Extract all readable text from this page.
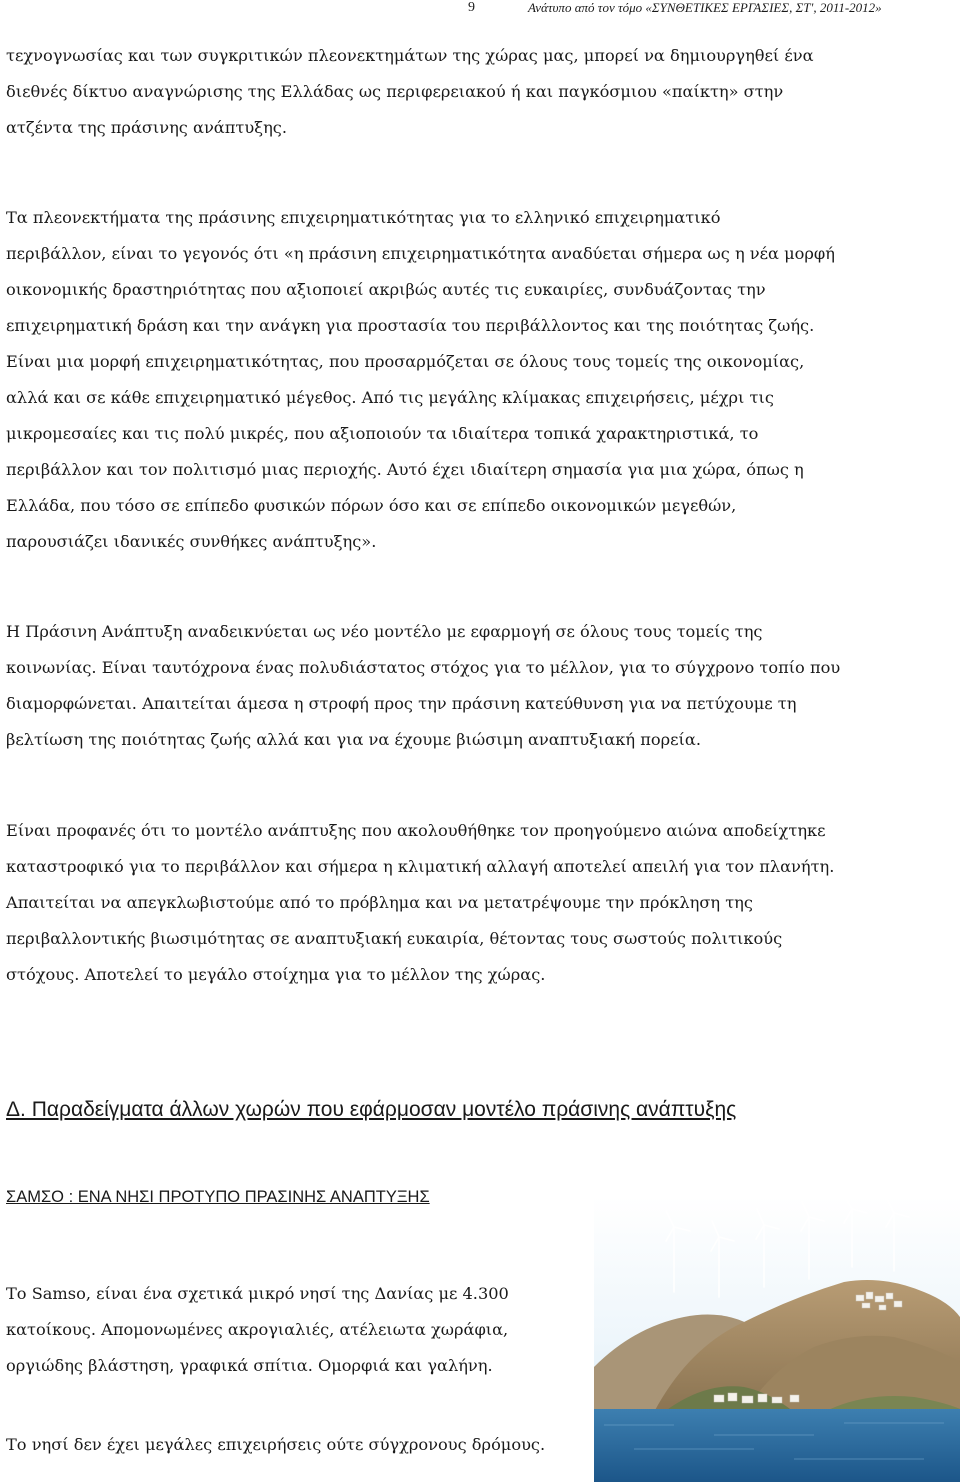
9	Ανάτυπο από τον τόμο «ΣΥΝΘΕΤΙΚΕΣ ΕΡΓΑΣΙΕΣ, ΣΤ', 2011-2012»

τεχνογνωσίας και των συγκριτικών πλεονεκτημάτων της χώρας μας, μπορεί να δημιουργηθεί ένα
διεθνές δίκτυο αναγνώρισης της Ελλάδας ως περιφερειακού ή και παγκόσμιου «παίκτη» στην
ατζέντα της πράσινης ανάπτυξης.

Τα πλεονεκτήματα της πράσινης επιχειρηματικότητας για το ελληνικό επιχειρηματικό
περιβάλλον, είναι το γεγονός ότι «η πράσινη επιχειρηματικότητα αναδύεται σήμερα ως η νέα μορφή
οικονομικής δραστηριότητας που αξιοποιεί ακριβώς αυτές τις ευκαιρίες, συνδυάζοντας την
επιχειρηματική δράση και την ανάγκη για προστασία του περιβάλλοντος και της ποιότητας ζωής.
Είναι μια μορφή επιχειρηματικότητας, που προσαρμόζεται σε όλους τους τομείς της οικονομίας,
αλλά και σε κάθε επιχειρηματικό μέγεθος. Από τις μεγάλης κλίμακας επιχειρήσεις, μέχρι τις
μικρομεσαίες και τις πολύ μικρές, που αξιοποιούν τα ιδιαίτερα τοπικά χαρακτηριστικά, το
περιβάλλον και τον πολιτισμό μιας περιοχής. Αυτό έχει ιδιαίτερη σημασία για μια χώρα, όπως η
Ελλάδα, που τόσο σε επίπεδο φυσικών πόρων όσο και σε επίπεδο οικονομικών μεγεθών,
παρουσιάζει ιδανικές συνθήκες ανάπτυξης».

Η Πράσινη Ανάπτυξη αναδεικνύεται ως νέο μοντέλο με εφαρμογή σε όλους τους τομείς της
κοινωνίας. Είναι ταυτόχρονα ένας πολυδιάστατος στόχος για το μέλλον, για το σύγχρονο τοπίο που
διαμορφώνεται. Απαιτείται άμεσα η στροφή προς την πράσινη κατεύθυνση για να πετύχουμε τη
βελτίωση της ποιότητας ζωής αλλά και για να έχουμε βιώσιμη αναπτυξιακή πορεία.

Είναι προφανές ότι το μοντέλο ανάπτυξης που ακολουθήθηκε τον προηγούμενο αιώνα αποδείχτηκε
καταστροφικό για το περιβάλλον και σήμερα η κλιματική αλλαγή αποτελεί απειλή για τον πλανήτη.
Απαιτείται να απεγκλωβιστούμε από το πρόβλημα και να μετατρέψουμε την πρόκληση της
περιβαλλοντικής βιωσιμότητας σε αναπτυξιακή ευκαιρία, θέτοντας τους σωστούς πολιτικούς
στόχους. Αποτελεί το μεγάλο στοίχημα για το μέλλον της χώρας.

Δ. Παραδείγματα άλλων χωρών που εφάρμοσαν μοντέλο πράσινης ανάπτυξης
ΣΑΜΣΟ : ΕΝΑ ΝΗΣΙ ΠΡΟΤΥΠΟ ΠΡΑΣΙΝΗΣ ΑΝΑΠΤΥΞΗΣ

Το Samso, είναι ένα σχετικά μικρό νησί της Δανίας με 4.300
κατοίκους. Απομονωμένες ακρογιαλιές, ατέλειωτα χωράφια,
οργιώδης βλάστηση, γραφικά σπίτια. Ομορφιά και γαλήνη.

Το νησί δεν έχει μεγάλες επιχειρήσεις ούτε σύγχρονους δρόμους.
